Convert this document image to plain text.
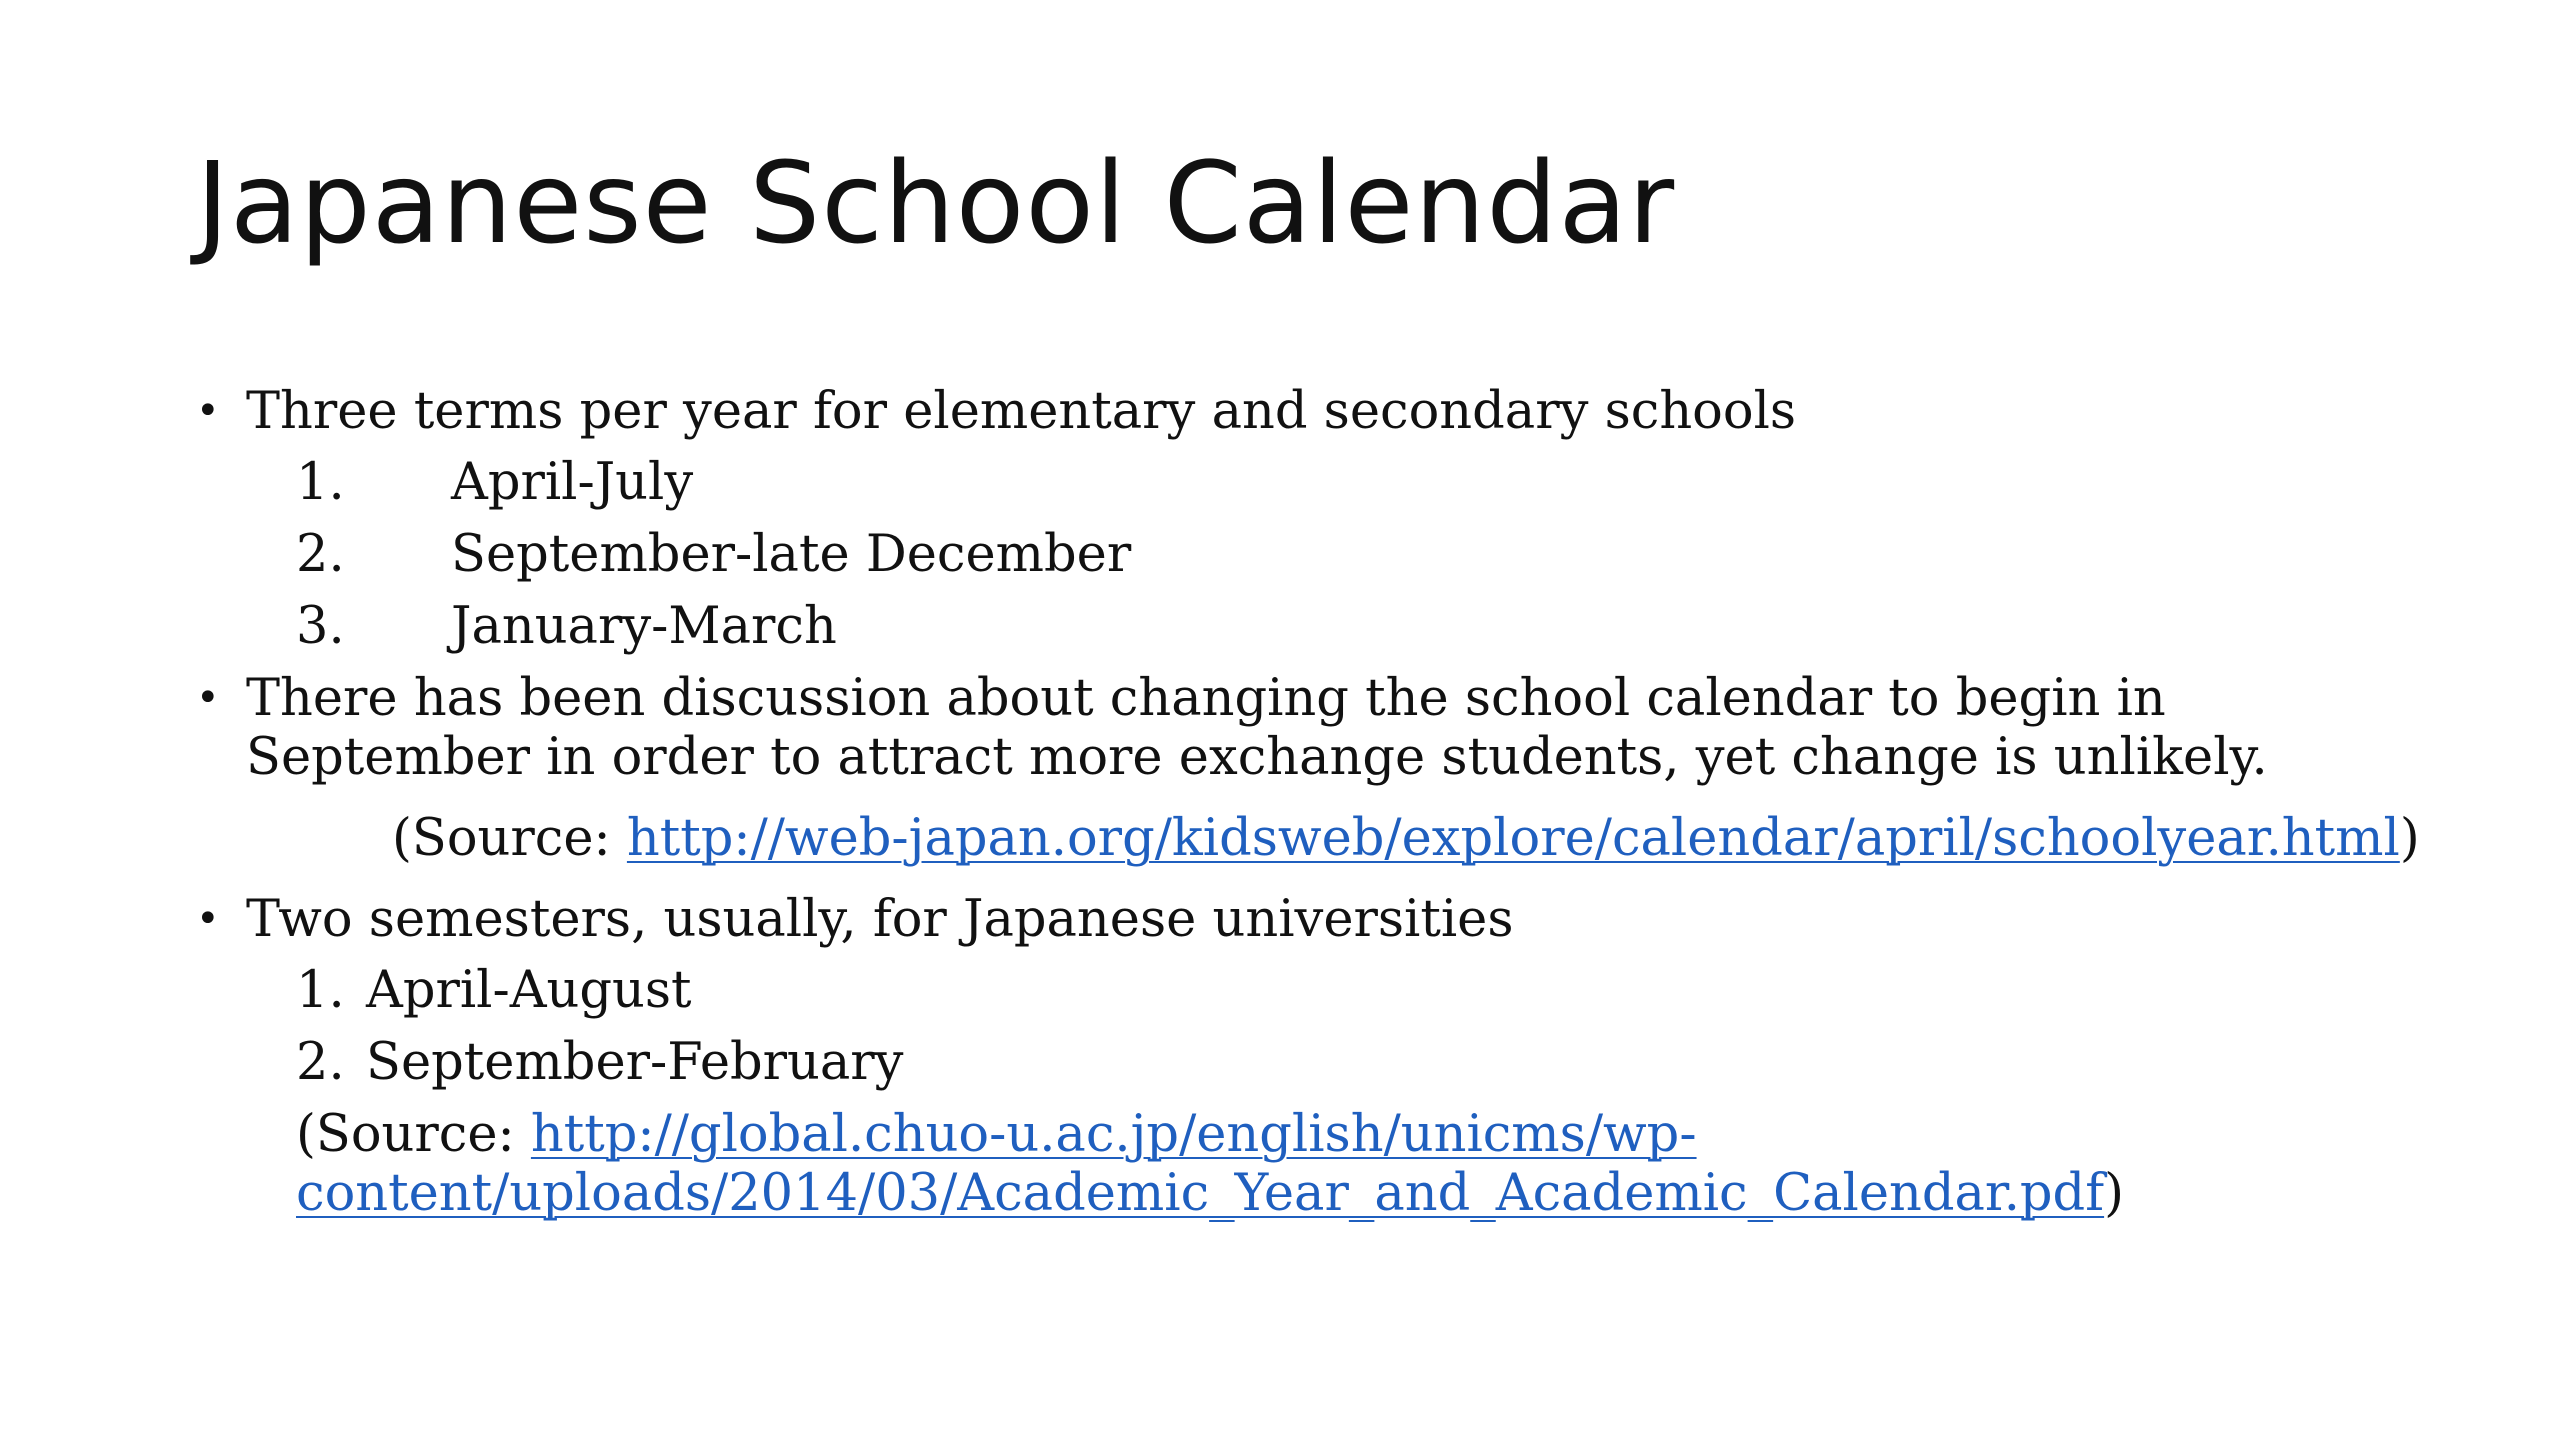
Japanese School Calendar
• Three terms per year for elementary and secondary schools
1. April-July
2. September-late December
3. January-March
• There has been discussion about changing the school calendar to begin in September in order to attract more exchange students, yet change is unlikely.
(Source: http://web-japan.org/kidsweb/explore/calendar/april/schoolyear.html)
• Two semesters, usually, for Japanese universities
1. April-August
2. September-February
(Source: http://global.chuo-u.ac.jp/english/unicms/wp-content/uploads/2014/03/Academic_Year_and_Academic_Calendar.pdf)
